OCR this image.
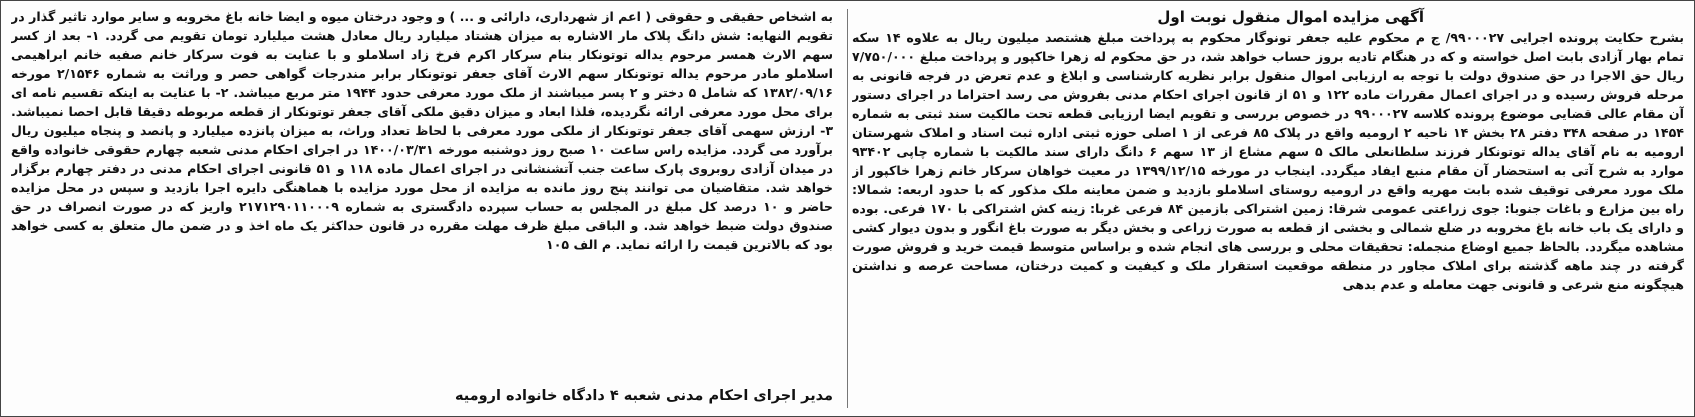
آگهی مزایده اموال منقول نوبت اول

بشرح حکایت پرونده اجرایی ۹۹۰۰۰۲۷/ ج م محکوم علیه جعفر تونوگار محکوم به پرداخت مبلغ هشتصد میلیون ریال به علاوه ۱۴ سکه تمام بهار آزادی بابت اصل خواسته و که در هنگام تادیه بروز حساب خواهد شد، در حق محکوم له زهرا خاکپور و پرداخت مبلغ ۷/۷۵۰/۰۰۰ ریال حق الاجرا در حق صندوق دولت با توجه به ارزیابی اموال منقول برابر نظریه کارشناسی و ابلاغ و عدم تعرض در فرجه قانونی به مرحله فروش رسیده و در اجرای اعمال مقررات ماده ۱۲۲ و ۵۱ از قانون اجرای احکام مدنی بفروش می رسد احتراما در اجرای دستور آن مقام عالی قضایی موضوع پرونده کلاسه ۹۹۰۰۰۲۷ در خصوص بررسی و تقویم ایضا ارزیابی قطعه تحت مالکیت سند ثبتی به شماره ۱۴۵۴ در صفحه ۳۴۸ دفتر ۲۸ بخش ۱۴ ناحیه ۲ ارومیه واقع در پلاک ۸۵ فرعی از ۱ اصلی حوزه ثبتی اداره ثبت اسناد و املاک شهرستان ارومیه به نام آقای یداله توتونکار فرزند سلطانعلی مالک ۵ سهم مشاع از ۱۳ سهم ۶ دانگ دارای سند مالکیت با شماره چاپی ۹۳۴۰۲ موارد به شرح آتی به استحضار آن مقام منبع ایفاد میگردد. اینجاب در مورخه ۱۳۹۹/۱۲/۱۵ در معیت خواهان سرکار خانم زهرا خاکپور از ملک مورد معرفی توقیف شده بابت مهریه واقع در ارومیه روستای اسلاملو بازدید و ضمن معاینه ملک مذکور که با حدود اربعه: شمالا: راه بین مزارع و باغات جنوبا: جوی زراعتی عمومی شرقا: زمین اشتراکی بازمین ۸۴ فرعی غربا: زینه کش اشتراکی با ۱۷۰ فرعی. بوده و دارای یک باب خانه باغ مخروبه در ضلع شمالی و بخشی از قطعه به صورت زراعی و بخش دیگر به صورت باغ انگور و بدون دیوار کشی مشاهده میگردد. بالحاظ جمیع اوضاع منجمله: تحقیقات محلی و بررسی های انجام شده و براساس متوسط قیمت خرید و فروش صورت گرفته در چند ماهه گذشته برای املاک مجاور در منطقه موقعیت استقرار ملک و کیفیت و کمیت درختان، مساحت عرصه و نداشتن هیچگونه منع شرعی و قانونی جهت معامله و عدم بدهی

به اشخاص حقیقی و حقوقی ( اعم از شهرداری، دارائی و ... ) و وجود درختان میوه و ایضا خانه باغ مخروبه و سایر موارد تاثیر گذار در تقویم النهایه: شش دانگ پلاک مار الاشاره به میزان هشتاد میلیارد ریال معادل هشت میلیارد تومان تقویم می گردد. ۱- بعد از کسر سهم الارث همسر مرحوم یداله توتونکار بنام سرکار اکرم فرخ زاد اسلاملو و با عنایت به فوت سرکار خانم صفیه خانم ابراهیمی اسلاملو مادر مرحوم یداله توتونکار سهم الارث آقای جعفر توتونکار برابر مندرجات گواهی حصر و وراثت به شماره ۲/۱۵۴۶ مورخه ۱۳۸۲/۰۹/۱۶ که شامل ۵ دختر و ۲ پسر میباشند از ملک مورد معرفی حدود ۱۹۴۴ متر مربع میباشد. ۲- با عنایت به اینکه تقسیم نامه ای برای محل مورد معرفی ارائه نگردیده، فلذا ابعاد و میزان دقیق ملکی آقای جعفر توتونکار از قطعه مربوطه دقیقا قابل احصا نمیباشد. ۳- ارزش سهمی آقای جعفر توتونکار از ملکی مورد معرفی با لحاظ تعداد وراث، به میزان پانزده میلیارد و پانصد و پنجاه میلیون ریال برآورد می گردد. مزایده راس ساعت ۱۰ صبح روز دوشنبه مورخه ۱۴۰۰/۰۳/۳۱ در اجرای احکام مدنی شعبه چهارم حقوقی خانواده واقع در میدان آزادی روبروی پارک ساعت جنب آتشنشانی در اجرای اعمال ماده ۱۱۸ و ۵۱ قانونی اجرای احکام مدنی در دفتر چهارم برگزار خواهد شد. متقاضیان می توانند پنج روز مانده به مزایده از محل مورد مزایده با هماهنگی دایره اجرا بازدید و سپس در محل مزایده حاضر و ۱۰ درصد کل مبلغ در المجلس به حساب سپرده دادگستری به شماره ۲۱۷۱۲۹۰۱۱۰۰۰۹ واریز که در صورت انصراف در حق صندوق دولت ضبط خواهد شد. و الباقی مبلغ ظرف مهلت مقرره در قانون حداکثر یک ماه اخذ و در ضمن مال متعلق به کسی خواهد بود که بالاترین قیمت را ارائه نماید. م الف ۱۰۵

مدیر اجرای احکام مدنی شعبه ۴ دادگاه خانواده ارومیه
